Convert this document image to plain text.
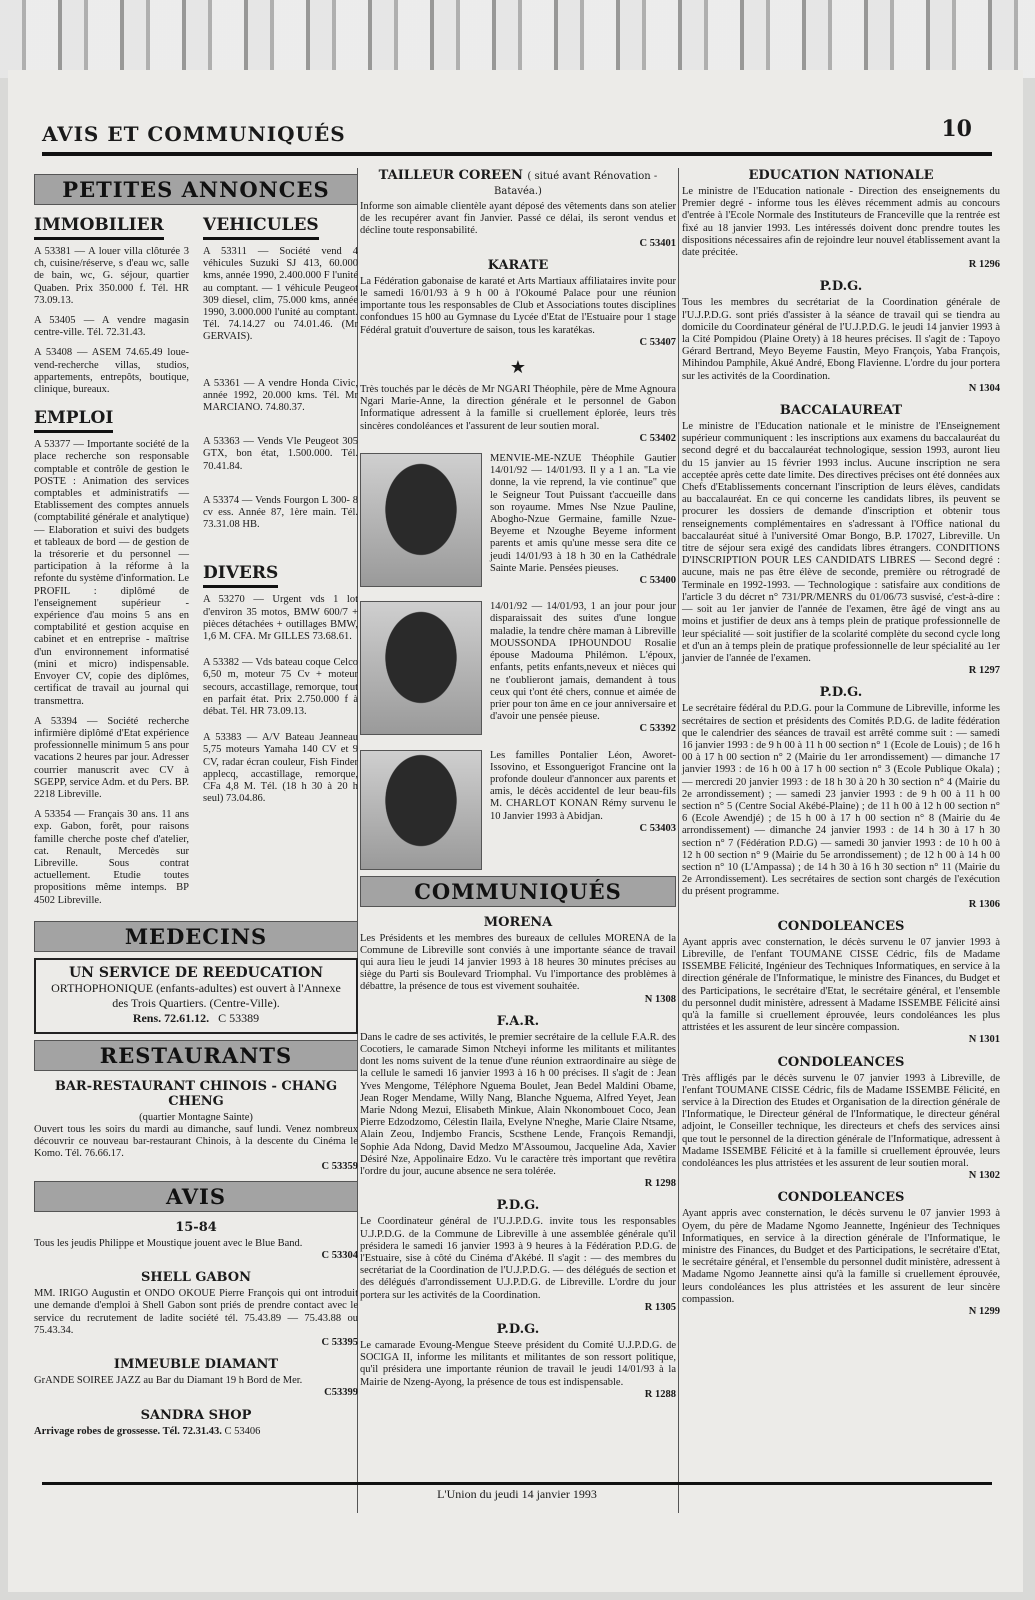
AVIS ET COMMUNIQUÉS	10
PETITES ANNONCES
IMMOBILIER

A 53381 — A louer villa clôturée 3 ch, cuisine/réserve, s d'eau wc, salle de bain, wc, G. séjour, quartier Quaben. Prix 350.000 f. Tél. HR 73.09.13.

A 53405 — A vendre magasin centre-ville. Tél. 72.31.43.

A 53408 — ASEM 74.65.49 loue-vend-recherche villas, studios, appartements, entrepôts, boutique, clinique, bureaux.

EMPLOI

A 53377 — Importante société de la place recherche son responsable comptable et contrôle de gestion le POSTE : Animation des services comptables et administratifs — Etablissement des comptes annuels (comptabilité générale et analytique) — Elaboration et suivi des budgets et tableaux de bord — de gestion de la trésorerie et du personnel — participation à la réforme à la refonte du système d'information. Le PROFIL : diplômé de l'enseignement supérieur - expérience d'au moins 5 ans en comptabilité et gestion acquise en cabinet et en entreprise - maîtrise d'un environnement informatisé (mini et micro) indispensable. Envoyer CV, copie des diplômes, certificat de travail au journal qui transmettra.

A 53394 — Société recherche infirmière diplômé d'Etat expérience professionnelle minimum 5 ans pour vacations 2 heures par jour. Adresser courrier manuscrit avec CV à SGEPP, service Adm. et du Pers. BP. 2218 Libreville.

A 53354 — Français 30 ans. 11 ans exp. Gabon, forêt, pour raisons famille cherche poste chef d'atelier, cat. Renault, Mercedès sur Libreville. Sous contrat actuellement. Etudie toutes propositions même intemps. BP 4502 Libreville.

VEHICULES

A 53311 — Société vend 4 véhicules Suzuki SJ 413, 60.000 kms, année 1990, 2.400.000 F l'unité au comptant. — 1 véhicule Peugeot 309 diesel, clim, 75.000 kms, année 1990, 3.000.000 l'unité au comptant. Tél. 74.14.27 ou 74.01.46. (Mr GERVAIS).

A 53361 — A vendre Honda Civic, année 1992, 20.000 kms. Tél. Mr MARCIANO. 74.80.37.

A 53363 — Vends Vle Peugeot 305 GTX, bon état, 1.500.000. Tél. 70.41.84.

A 53374 — Vends Fourgon L 300- 8 cv ess. Année 87, 1ère main. Tél. 73.31.08 HB.

DIVERS

A 53270 — Urgent vds 1 lot d'environ 35 motos, BMW 600/7 + pièces détachées + outillages BMW, 1,6 M. CFA. Mr GILLES 73.68.61.

A 53382 — Vds bateau coque Celco 6,50 m, moteur 75 Cv + moteur secours, accastillage, remorque, tout en parfait état. Prix 2.750.000 f à débat. Tél. HR 73.09.13.

A 53383 — A/V Bateau Jeanneau 5,75 moteurs Yamaha 140 CV et 9 CV, radar écran couleur, Fish Finder applecq, accastillage, remorque, CFa 4,8 M. Tél. (18 h 30 à 20 h seul) 73.04.86.

MEDECINS
UN SERVICE DE REEDUCATION
ORTHOPHONIQUE (enfants-adultes) est ouvert à l'Annexe des Trois Quartiers. (Centre-Ville).
Rens. 72.61.12. C 53389
RESTAURANTS
BAR-RESTAURANT CHINOIS - CHANG CHENG
(quartier Montagne Sainte)

Ouvert tous les soirs du mardi au dimanche, sauf lundi. Venez nombreux découvrir ce nouveau bar-restaurant Chinois, à la descente du Cinéma le Komo. Tél. 76.66.17.
C 53359

AVIS
15-84

Tous les jeudis Philippe et Moustique jouent avec le Blue Band.
C 53304

SHELL GABON

MM. IRIGO Augustin et ONDO OKOUE Pierre François qui ont introduit une demande d'emploi à Shell Gabon sont priés de prendre contact avec le service du recrutement de ladite société tél. 75.43.89 — 75.43.88 ou 75.43.34.
C 53395

IMMEUBLE DIAMANT

GrANDE SOIREE JAZZ au Bar du Diamant 19 h Bord de Mer.
C53399

SANDRA SHOP

Arrivage robes de grossesse. Tél. 72.31.43. C 53406

TAILLEUR COREEN ( situé avant Rénovation - Batavéa.)

Informe son aimable clientèle ayant déposé des vêtements dans son atelier de les recupérer avant fin Janvier. Passé ce délai, ils seront vendus et décline toute responsabilité.
C 53401

KARATE

La Fédération gabonaise de karaté et Arts Martiaux affiliataires invite pour le samedi 16/01/93 à 9 h 00 à l'Okoumé Palace pour une réunion importante tous les responsables de Club et Associations toutes disciplines confondues 15 h00 au Gymnase du Lycée d'Etat de l'Estuaire pour 1 stage Fédéral gratuit d'ouverture de saison, tous les karatékas.
C 53407

★

Très touchés par le décès de Mr NGARI Théophile, père de Mme Agnoura Ngari Marie-Anne, la direction générale et le personnel de Gabon Informatique adressent à la famille si cruellement éplorée, leurs très sincères condoléances et l'assurent de leur soutien moral.
C 53402

MENVIE-ME-NZUE Théophile Gautier 14/01/92 — 14/01/93. Il y a 1 an. "La vie donne, la vie reprend, la vie continue" que le Seigneur Tout Puissant t'accueille dans son royaume. Mmes Nse Nzue Pauline, Abogho-Nzue Germaine, famille Nzue-Beyeme et Nzoughe Beyeme informent parents et amis qu'une messe sera dite ce jeudi 14/01/93 à 18 h 30 en la Cathédrale Sainte Marie. Pensées pieuses.
C 53400

14/01/92 — 14/01/93, 1 an jour pour jour disparaissait des suites d'une longue maladie, la tendre chère maman à Libreville MOUSSONDA IPHOUNDOU Rosalie épouse Madouma Philémon. L'époux, enfants, petits enfants,neveux et nièces qui ne t'oublieront jamais, demandent à tous ceux qui t'ont été chers, connue et aimée de prier pour ton âme en ce jour anniversaire et d'avoir une pensée pieuse.
C 53392

Les familles Pontalier Léon, Aworet-Issovino, et Essonguerigot Francine ont la profonde douleur d'annoncer aux parents et amis, le décès accidentel de leur beau-fils M. CHARLOT KONAN Rémy survenu le 10 Janvier 1993 à Abidjan.
C 53403

COMMUNIQUÉS
MORENA

Les Présidents et les membres des bureaux de cellules MORENA de la Commune de Libreville sont conviés à une importante séance de travail qui aura lieu le jeudi 14 janvier 1993 à 18 heures 30 minutes précises au siège du Parti sis Boulevard Triomphal. Vu l'importance des problèmes à débattre, la présence de tous est vivement souhaitée.
N 1308

F.A.R.

Dans le cadre de ses activités, le premier secrétaire de la cellule F.A.R. des Cocotiers, le camarade Simon Ntcheyi informe les militants et militantes dont les noms suivent de la tenue d'une réunion extraordinaire au siège de la cellule le samedi 16 janvier 1993 à 16 h 00 précises. Il s'agit de : Jean Yves Mengome, Téléphore Nguema Boulet, Jean Bedel Maldini Obame, Jean Roger Mendame, Willy Nang, Blanche Nguema, Alfred Yeyet, Jean Marie Ndong Mezui, Elisabeth Minkue, Alain Nkonombouet Coco, Jean Pierre Edzodzomo, Célestin Ilaila, Evelyne N'neghe, Marie Claire Ntsame, Alain Zeou, Indjembo Francis, Scsthene Lende, François Remandji, Sophie Ada Ndong, David Medzo M'Assoumou, Jacqueline Ada, Xavier Désiré Nze, Appolinaire Edzo. Vu le caractère très important que revêtira l'ordre du jour, aucune absence ne sera tolérée.
R 1298

P.D.G.

Le Coordinateur général de l'U.J.P.D.G. invite tous les responsables U.J.P.D.G. de la Commune de Libreville à une assemblée générale qu'il présidera le samedi 16 janvier 1993 à 9 heures à la Fédération P.D.G. de l'Estuaire, sise à côté du Cinéma d'Akébé. Il s'agit : — des membres du secrétariat de la Coordination de l'U.J.P.D.G. — des délégués de section et des délégués d'arrondissement U.J.P.D.G. de Libreville. L'ordre du jour portera sur les activités de la Coordination.
R 1305

P.D.G.

Le camarade Evoung-Mengue Steeve président du Comité U.J.P.D.G. de SOCIGA II, informe les militants et militantes de son ressort politique, qu'il présidera une importante réunion de travail le jeudi 14/01/93 à la Mairie de Nzeng-Ayong, la présence de tous est indispensable.
R 1288

EDUCATION NATIONALE

Le ministre de l'Education nationale - Direction des enseignements du Premier degré - informe tous les élèves récemment admis au concours d'entrée à l'Ecole Normale des Instituteurs de Franceville que la rentrée est fixé au 18 janvier 1993. Les intéressés doivent donc prendre toutes les dispositions nécessaires afin de rejoindre leur nouvel établissement avant la date précitée.
R 1296

P.D.G.

Tous les membres du secrétariat de la Coordination générale de l'U.J.P.D.G. sont priés d'assister à la séance de travail qui se tiendra au domicile du Coordinateur général de l'U.J.P.D.G. le jeudi 14 janvier 1993 à la Cité Pompidou (Plaine Orety) à 18 heures précises. Il s'agit de : Tapoyo Gérard Bertrand, Meyo Beyeme Faustin, Meyo François, Yaba François, Mihindou Pamphile, Akué André, Ebong Flavienne. L'ordre du jour portera sur les activités de la Coordination.
N 1304

BACCALAUREAT

Le ministre de l'Education nationale et le ministre de l'Enseignement supérieur communiquent : les inscriptions aux examens du baccalauréat du second degré et du baccalauréat technologique, session 1993, auront lieu du 15 janvier au 15 février 1993 inclus. Aucune inscription ne sera acceptée après cette date limite. Des directives précises ont été données aux Chefs d'Etablissements concernant l'inscription de leurs élèves, candidats au baccalauréat. En ce qui concerne les candidats libres, ils peuvent se procurer les dossiers de demande d'inscription et obtenir tous renseignements complémentaires en s'adressant à l'Office national du baccalauréat situé à l'université Omar Bongo, B.P. 17027, Libreville. Un titre de séjour sera exigé des candidats libres étrangers. CONDITIONS D'INSCRIPTION POUR LES CANDIDATS LIBRES — Second degré : aucune, mais ne pas être élève de seconde, première ou rétrogradé de Terminale en 1992-1993. — Technologique : satisfaire aux conditions de l'article 3 du décret n° 731/PR/MENRS du 01/06/73 susvisé, c'est-à-dire : — soit au 1er janvier de l'année de l'examen, être âgé de vingt ans au moins et justifier de deux ans à temps plein de pratique professionnelle de leur spécialité — soit justifier de la scolarité complète du second cycle long et d'un an à temps plein de pratique professionnelle de leur spécialité au 1er janvier de l'année de l'examen.
R 1297

P.D.G.

Le secrétaire fédéral du P.D.G. pour la Commune de Libreville, informe les secrétaires de section et présidents des Comités P.D.G. de ladite fédération que le calendrier des séances de travail est arrêté comme suit : — samedi 16 janvier 1993 : de 9 h 00 à 11 h 00 section n° 1 (Ecole de Louis) ; de 16 h 00 à 17 h 00 section n° 2 (Mairie du 1er arrondissement) — dimanche 17 janvier 1993 : de 16 h 00 à 17 h 00 section n° 3 (Ecole Publique Okala) ; — mercredi 20 janvier 1993 : de 18 h 30 à 20 h 30 section n° 4 (Mairie du 2e arrondissement) ; — samedi 23 janvier 1993 : de 9 h 00 à 11 h 00 section n° 5 (Centre Social Akébé-Plaine) ; de 11 h 00 à 12 h 00 section n° 6 (Ecole Awendjé) ; de 15 h 00 à 17 h 00 section n° 8 (Mairie du 4e arrondissement) — dimanche 24 janvier 1993 : de 14 h 30 à 17 h 30 section n° 7 (Fédération P.D.G) — samedi 30 janvier 1993 : de 10 h 00 à 12 h 00 section n° 9 (Mairie du 5e arrondissement) ; de 12 h 00 à 14 h 00 section n° 10 (L'Ampassa) ; de 14 h 30 à 16 h 30 section n° 11 (Mairie du 2e Arrondissement). Les secrétaires de section sont chargés de l'exécution du présent programme.
R 1306

CONDOLEANCES

Ayant appris avec consternation, le décès survenu le 07 janvier 1993 à Libreville, de l'enfant TOUMANE CISSE Cédric, fils de Madame ISSEMBE Félicité, Ingénieur des Techniques Informatiques, en service à la direction générale de l'Informatique, le ministre des Finances, du Budget et des Participations, le secrétaire d'Etat, le secrétaire général, et l'ensemble du personnel dudit ministère, adressent à Madame ISSEMBE Félicité ainsi qu'à la famille si cruellement éprouvée, leurs condoléances les plus attristées et les assurent de leur sincère compassion.
N 1301

CONDOLEANCES

Très affligés par le décès survenu le 07 janvier 1993 à Libreville, de l'enfant TOUMANE CISSE Cédric, fils de Madame ISSEMBE Félicité, en service à la Direction des Etudes et Organisation de la direction générale de l'Informatique, le Directeur général de l'Informatique, le directeur général adjoint, le Conseiller technique, les directeurs et chefs des services ainsi que tout le personnel de la direction générale de l'Informatique, adressent à Madame ISSEMBE Félicité et à la famille si cruellement éprouvée, leurs condoléances les plus attristées et les assurent de leur soutien moral.
N 1302

CONDOLEANCES

Ayant appris avec consternation, le décès survenu le 07 janvier 1993 à Oyem, du père de Madame Ngomo Jeannette, Ingénieur des Techniques Informatiques, en service à la direction générale de l'Informatique, le ministre des Finances, du Budget et des Participations, le secrétaire d'Etat, le secrétaire général, et l'ensemble du personnel dudit ministère, adressent à Madame Ngomo Jeannette ainsi qu'à la famille si cruellement éprouvée, leurs condoléances les plus attristées et les assurent de leur sincère compassion.
N 1299

L'Union du jeudi 14 janvier 1993
